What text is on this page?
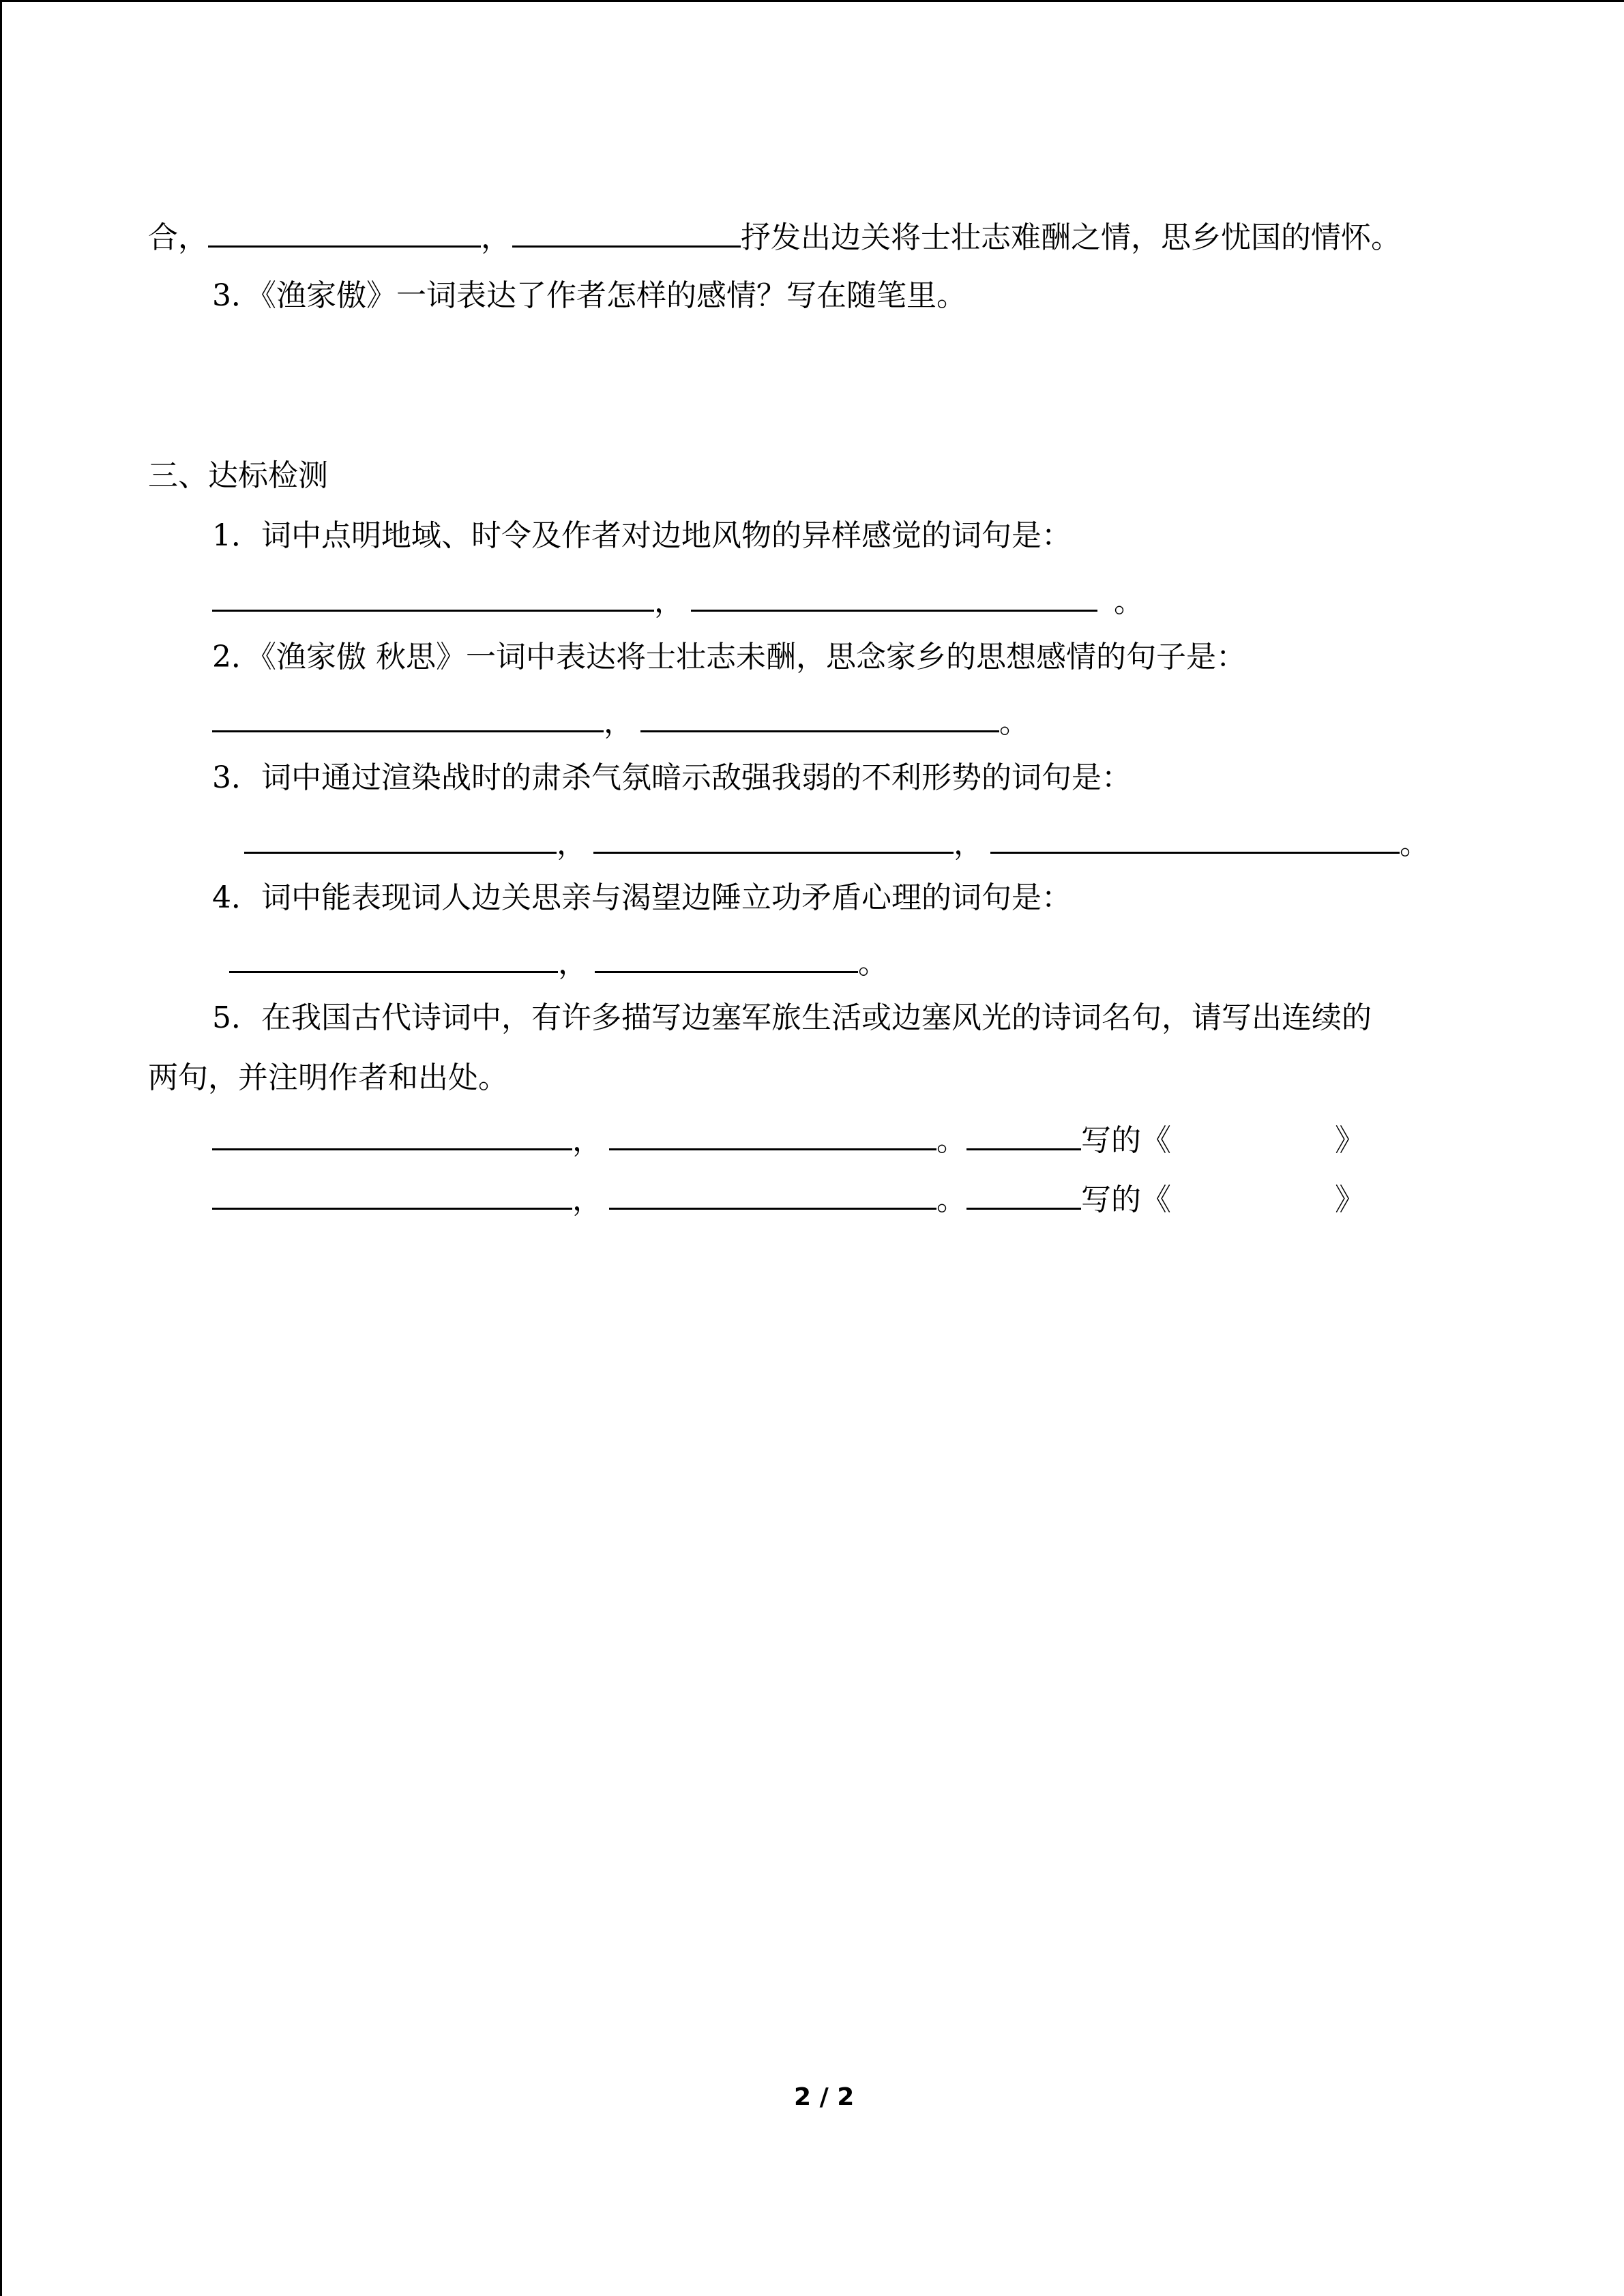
合，	，	抒发出边关将士壮志难酬之情，思乡忧国的情怀。
3．《渔家傲》一词表达了作者怎样的感情？写在随笔里。
三、达标检测
1．词中点明地域、时令及作者对边地风物的异样感觉的词句是：
，	。
2．《渔家傲 秋思》一词中表达将士壮志未酬，思念家乡的思想感情的句子是：
，	。
3．词中通过渲染战时的肃杀气氛暗示敌强我弱的不利形势的词句是：
，	，	。
4．词中能表现词人边关思亲与渴望边陲立功矛盾心理的词句是：
，	。
5．在我国古代诗词中，有许多描写边塞军旅生活或边塞风光的诗词名句，请写出连续的
两句，并注明作者和出处。
，	。	写的《	》
，	。	写的《	》
2 / 2
